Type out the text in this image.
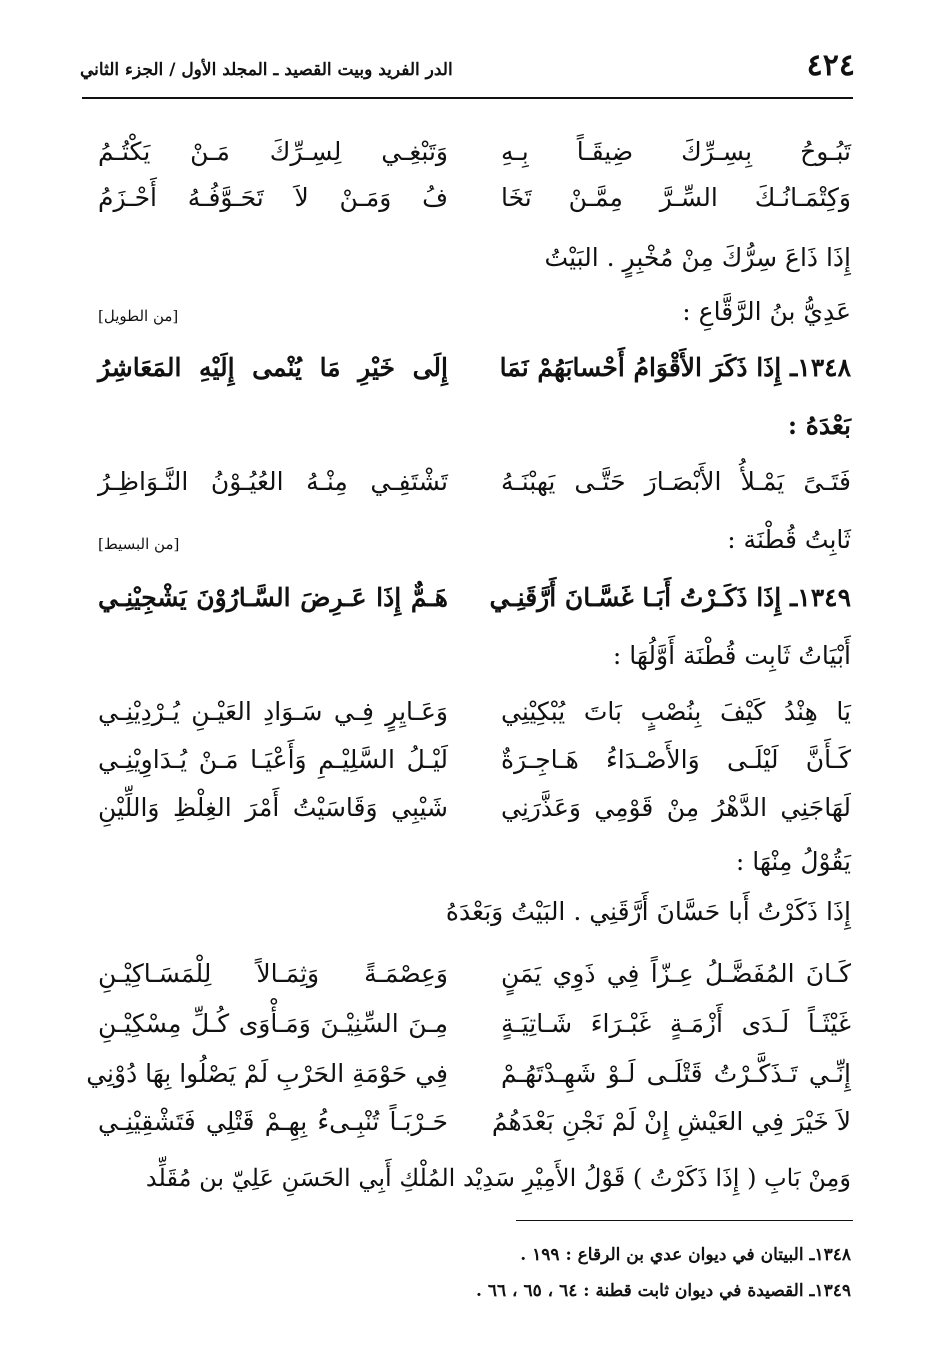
٤٢٤
الدر الفريد وبيت القصيد ـ المجلد الأول / الجزء الثاني
تَبُـوحُ بِسِـرِّكَ ضِيقَـاً بِـهِ
وَتَبْغِـي لِسِـرِّكَ مَـنْ يَكْتُـمُ
وَكِتْمَـانُـكَ السِّـرَّ مِمَّـنْ تَخَا
فُ وَمَـنْ لاَ تَحَـوَّفُـهُ أَحْـزَمُ
إِذَا ذَاعَ سِرُّكَ مِنْ مُخْبِرٍ . البَيْتُ
عَدِيُّ بنُ الرَّقَّاعِ :
[من الطويل]
١٣٤٨ـ إِذَا ذَكَرَ الأَقْوَامُ أَحْسابَهُمْ نَمَا
إِلَى خَيْرِ مَا يُنْمى إِلَيْهِ المَعَاشِرُ
بَعْدَهُ :
فَتَـىً يَمْـلأُ الأَبْصَـارَ حَتَّـى يَهبْنَـهُ
تَشْتَفِـي مِنْـهُ العُيُـوْنُ النَّـوَاظِـرُ
ثَابِتُ قُطْنَة :
[من البسيط]
١٣٤٩ـ إِذَا ذَكَـرْتُ أَبَـا غَسَّـانَ أَرَّقَنِـي
هَـمٌّ إِذَا عَـرِضَ السَّـارُوْنَ يَشْجِيْنِـي
أَبْيَاتُ ثَابِت قُطْنَة أَوَّلُهَا :
يَا هِنْدُ كَيْفَ بِنُصْبٍ بَاتَ يُبْكِيْنِي
وَعَـايِرٍ فِـي سَـوَادِ العَيْـنِ يُـرْدِيْنِـي
كَـأَنَّ لَيْلَـى وَالأَصْـدَاءُ هَـاجِـرَةٌ
لَيْـلُ السَّلِيْـمِ وَأَعْيَـا مَـنْ يُـدَاوِيْنِـي
لَهَاجَنِي الدَّهْرُ مِنْ قَوْمِي وَعَذَّرَنِي
شَيْبِي وَقَاسَيْتُ أَمْرَ الغِلْظِ وَاللِّيْنِ
يَقُوْلُ مِنْهَا :
إِذَا ذَكَرْتُ أَبا حَسَّانَ أَرَّقَنِي . البَيْتُ وَبَعْدَهُ
كَـانَ المُفَضَّـلُ عِـزّاً فِي ذَوِي يَمَنٍ
وَعِصْمَـةً وَثِمَـالاً لِلْمَسَـاكِيْـنِ
غَيْثَـاً لَـدَى أَزْمَـةٍ غَبْـرَاءَ شَـاتِيَـةٍ
مِـنَ السِّنِيْـنَ وَمَـأْوَى كُـلِّ مِسْكِيْـنِ
إِنِّـي تَـذَكَّـرْتُ قَتْلَـى لَـوْ شَهِـدْتَهُـمْ
فِي حَوْمَةِ الحَرْبِ لَمْ يَصْلُوا بِهَا دُوْنِي
لاَ خَيْرَ فِي العَيْشِ إِنْ لَمْ نَجْنِ بَعْدَهُمُ
حَـرْبَـاً تُنْبِـىءُ بِهِـمْ قَتْلِي فَتَشْقِيْنِـي
وَمِنْ بَابِ ( إِذَا ذَكَرْتُ ) قَوْلُ الأَمِيْرِ سَدِيْد المُلْكِ أَبِي الحَسَنِ عَلِيّ بن مُقَلِّد
١٣٤٨ـ البيتان في ديوان عدي بن الرقاع : ١٩٩ .
١٣٤٩ـ القصيدة في ديوان ثابت قطنة : ٦٤ ، ٦٥ ، ٦٦ .
